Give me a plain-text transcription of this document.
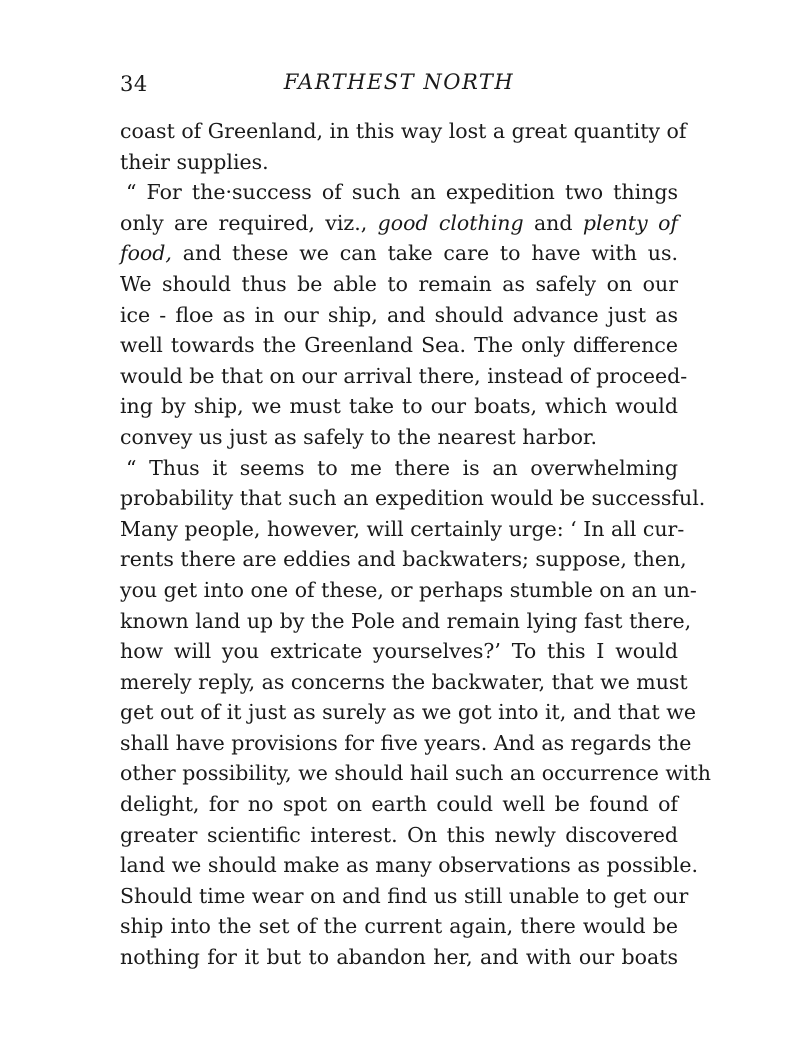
34	FARTHEST NORTH
coast of Greenland, in this way lost a great quantity of
their supplies.
“ For the·success of such an expedition two things
only are required, viz., good clothing and plenty of
food, and these we can take care to have with us.
We should thus be able to remain as safely on our
ice - floe as in our ship, and should advance just as
well towards the Greenland Sea. The only difference
would be that on our arrival there, instead of proceed-
ing by ship, we must take to our boats, which would
convey us just as safely to the nearest harbor.
“ Thus it seems to me there is an overwhelming
probability that such an expedition would be successful.
Many people, however, will certainly urge: ‘ In all cur-
rents there are eddies and backwaters; suppose, then,
you get into one of these, or perhaps stumble on an un-
known land up by the Pole and remain lying fast there,
how will you extricate yourselves?’ To this I would
merely reply, as concerns the backwater, that we must
get out of it just as surely as we got into it, and that we
shall have provisions for five years. And as regards the
other possibility, we should hail such an occurrence with
delight, for no spot on earth could well be found of
greater scientific interest. On this newly discovered
land we should make as many observations as possible.
Should time wear on and find us still unable to get our
ship into the set of the current again, there would be
nothing for it but to abandon her, and with our boats
